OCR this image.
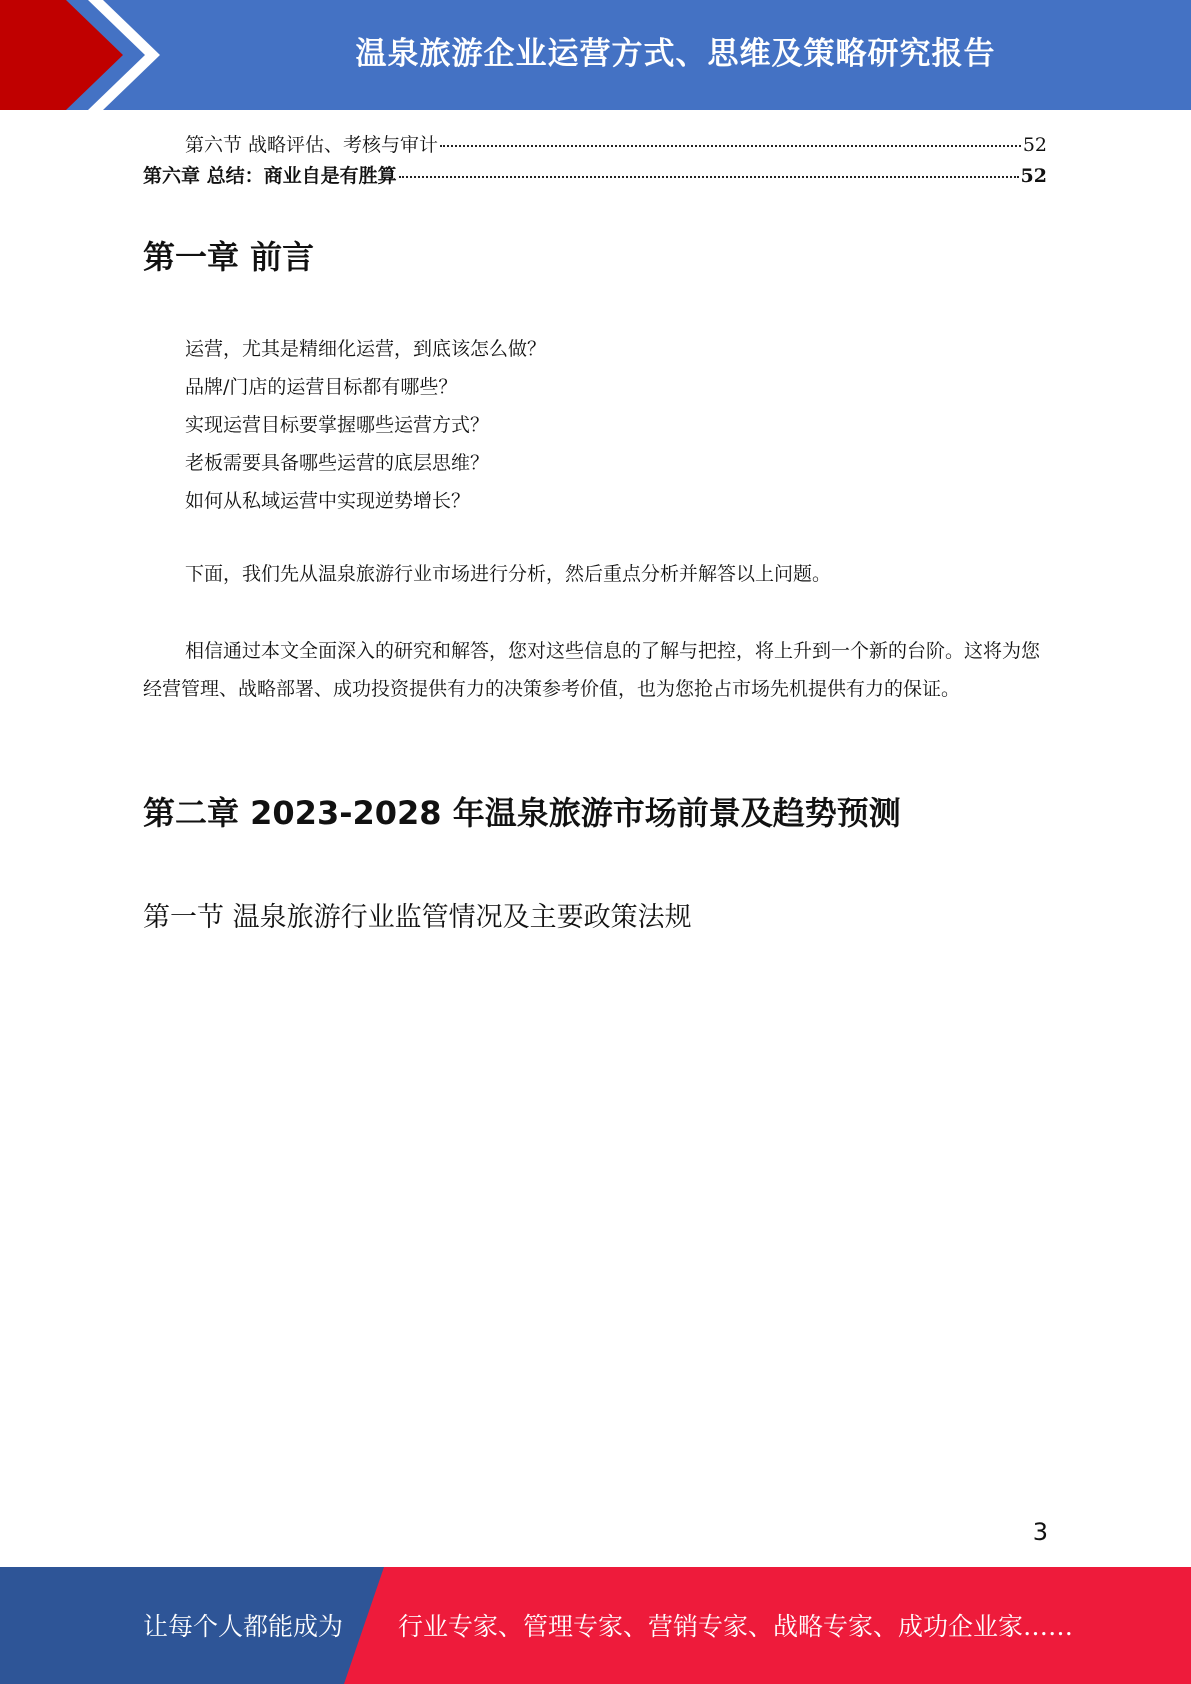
温泉旅游企业运营方式、思维及策略研究报告
第六节 战略评估、考核与审计	52
第六章 总结：商业自是有胜算	52
第一章 前言
运营，尤其是精细化运营，到底该怎么做？
品牌/门店的运营目标都有哪些？
实现运营目标要掌握哪些运营方式？
老板需要具备哪些运营的底层思维？
如何从私域运营中实现逆势增长？

下面，我们先从温泉旅游行业市场进行分析，然后重点分析并解答以上问题。

相信通过本文全面深入的研究和解答，您对这些信息的了解与把控，将上升到一个新的台阶。这将为您经营管理、战略部署、成功投资提供有力的决策参考价值，也为您抢占市场先机提供有力的保证。

第二章 2023-2028 年温泉旅游市场前景及趋势预测
第一节 温泉旅游行业监管情况及主要政策法规
3
让每个人都能成为 行业专家、管理专家、营销专家、战略专家、成功企业家……
